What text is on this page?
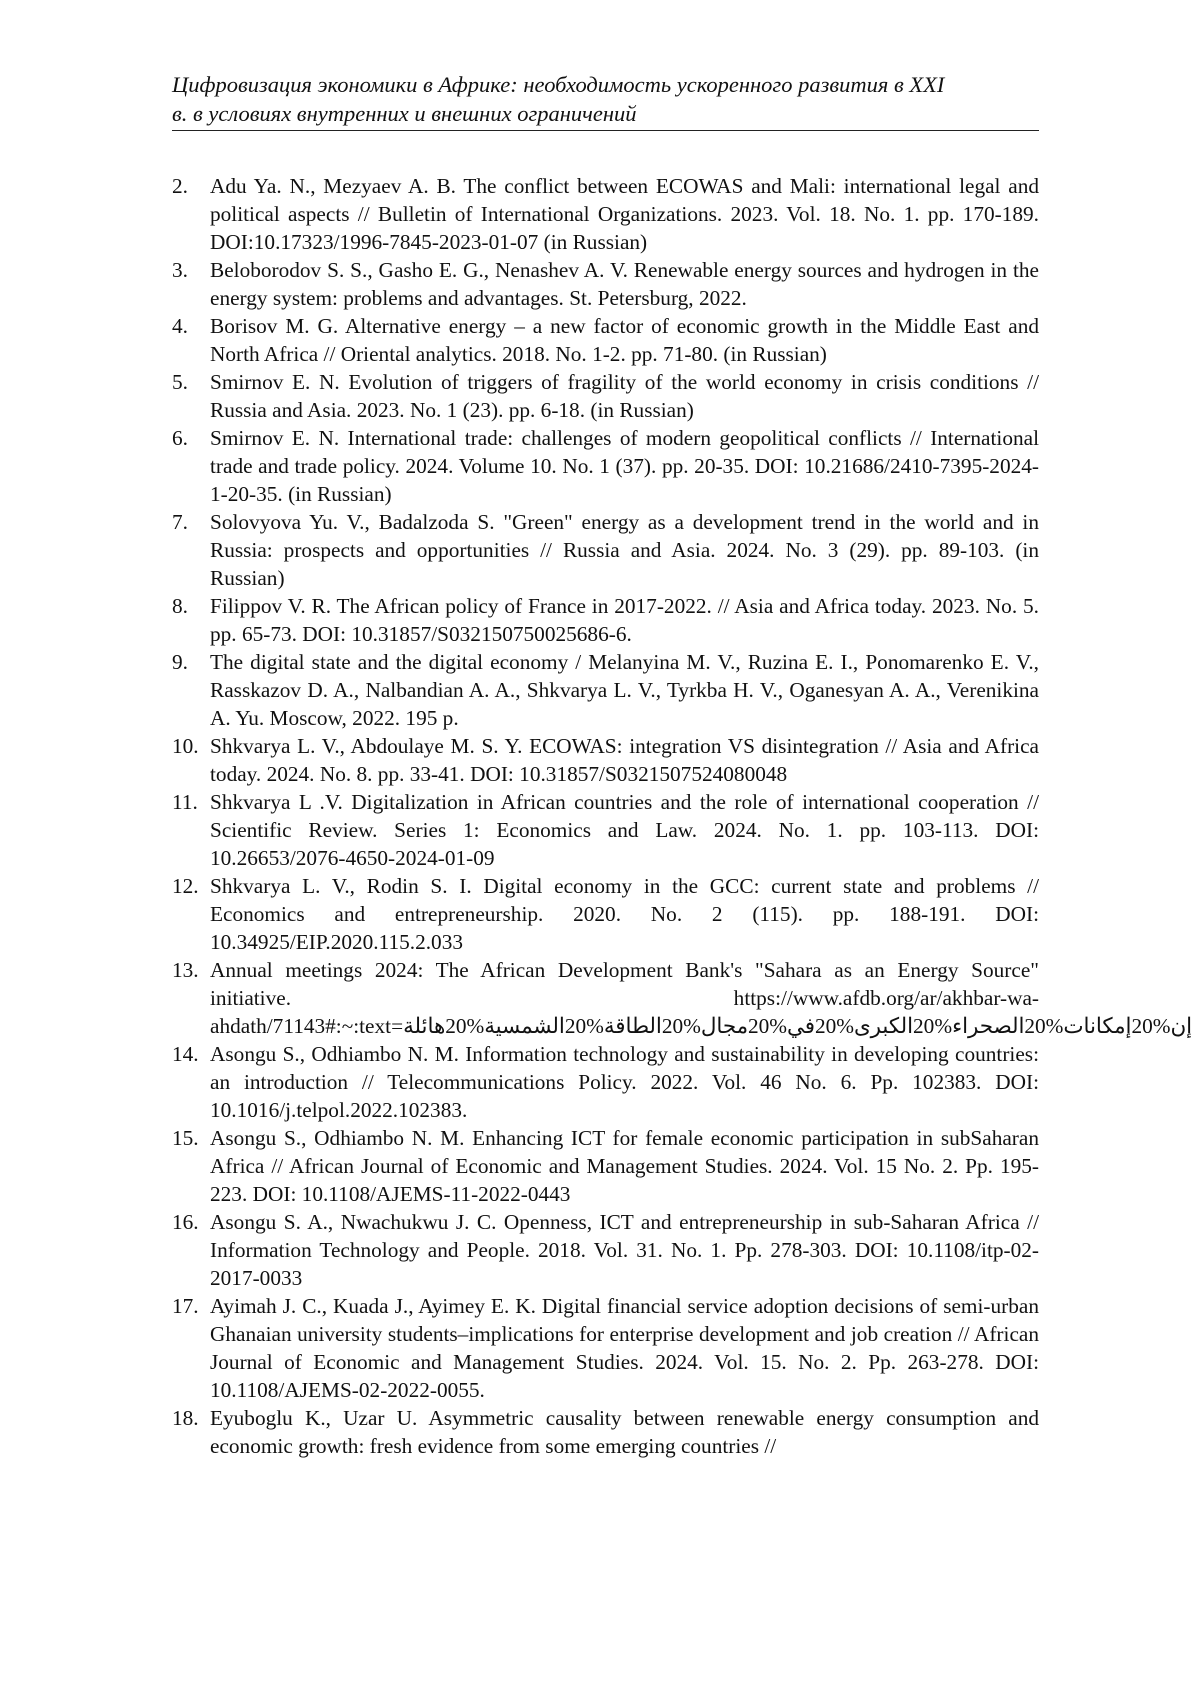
Цифровизация экономики в Африке: необходимость ускоренного развития в XXI
в. в условиях внутренних и внешних ограничений
2.	Adu Ya. N., Mezyaev A. B. The conflict between ECOWAS and Mali: international legal and political aspects // Bulletin of International Organizations. 2023. Vol. 18. No. 1. pp. 170-189. DOI:10.17323/1996-7845-2023-01-07 (in Russian)
3.	Beloborodov S. S., Gasho E. G., Nenashev A. V. Renewable energy sources and hydrogen in the energy system: problems and advantages. St. Petersburg, 2022.
4.	Borisov M. G. Alternative energy – a new factor of economic growth in the Middle East and North Africa // Oriental analytics. 2018. No. 1-2. pp. 71-80. (in Russian)
5.	Smirnov E. N. Evolution of triggers of fragility of the world economy in crisis conditions // Russia and Asia. 2023. No. 1 (23). pp. 6-18. (in Russian)
6.	Smirnov E. N. International trade: challenges of modern geopolitical conflicts // International trade and trade policy. 2024. Volume 10. No. 1 (37). pp. 20-35. DOI: 10.21686/2410-7395-2024-1-20-35. (in Russian)
7.	Solovyova Yu. V., Badalzoda S. "Green" energy as a development trend in the world and in Russia: prospects and opportunities // Russia and Asia. 2024. No. 3 (29). pp. 89-103. (in Russian)
8.	Filippov V. R. The African policy of France in 2017-2022. // Asia and Africa today. 2023. No. 5. pp. 65-73. DOI: 10.31857/S032150750025686-6.
9.	The digital state and the digital economy / Melanyina M. V., Ruzina E. I., Ponomarenko E. V., Rasskazov D. A., Nalbandian A. A., Shkvarya L. V., Tyrkba H. V., Oganesyan A. A., Verenikina A. Yu. Moscow, 2022. 195 p.
10. Shkvarya L. V., Abdoulaye M. S. Y. ECOWAS: integration VS disintegration // Asia and Africa today. 2024. No. 8. pp. 33-41. DOI: 10.31857/S0321507524080048
11. Shkvarya L .V. Digitalization in African countries and the role of international cooperation // Scientific Review. Series 1: Economics and Law. 2024. No. 1. pp. 103-113. DOI: 10.26653/2076-4650-2024-01-09
12. Shkvarya L. V., Rodin S. I. Digital economy in the GCC: current state and problems // Economics and entrepreneurship. 2020. No. 2 (115). pp. 188-191. DOI: 10.34925/EIP.2020.115.2.033
13. Annual meetings 2024: The African Development Bank's "Sahara as an Energy Source" initiative. https://www.afdb.org/ar/akhbar-wa-ahdath/71143#:~:text=إن%20إمكانات%20الصحراء%20الكبرى%20في%20مجال%20الطاقة%20الشمسية%20هائلة
14. Asongu S., Odhiambo N. M. Information technology and sustainability in developing countries: an introduction // Telecommunications Policy. 2022. Vol. 46 No. 6. Pp. 102383. DOI: 10.1016/j.telpol.2022.102383.
15. Asongu S., Odhiambo N. M. Enhancing ICT for female economic participation in subSaharan Africa // African Journal of Economic and Management Studies. 2024. Vol. 15 No. 2. Pp. 195-223. DOI: 10.1108/AJEMS-11-2022-0443
16. Asongu S. A., Nwachukwu J. C. Openness, ICT and entrepreneurship in sub-Saharan Africa // Information Technology and People. 2018. Vol. 31. No. 1. Pp. 278-303. DOI: 10.1108/itp-02-2017-0033
17. Ayimah J. C., Kuada J., Ayimey E. K. Digital financial service adoption decisions of semi-urban Ghanaian university students–implications for enterprise development and job creation // African Journal of Economic and Management Studies. 2024. Vol. 15. No. 2. Pp. 263-278. DOI: 10.1108/AJEMS-02-2022-0055.
18. Eyuboglu K., Uzar U. Asymmetric causality between renewable energy consumption and economic growth: fresh evidence from some emerging countries //
